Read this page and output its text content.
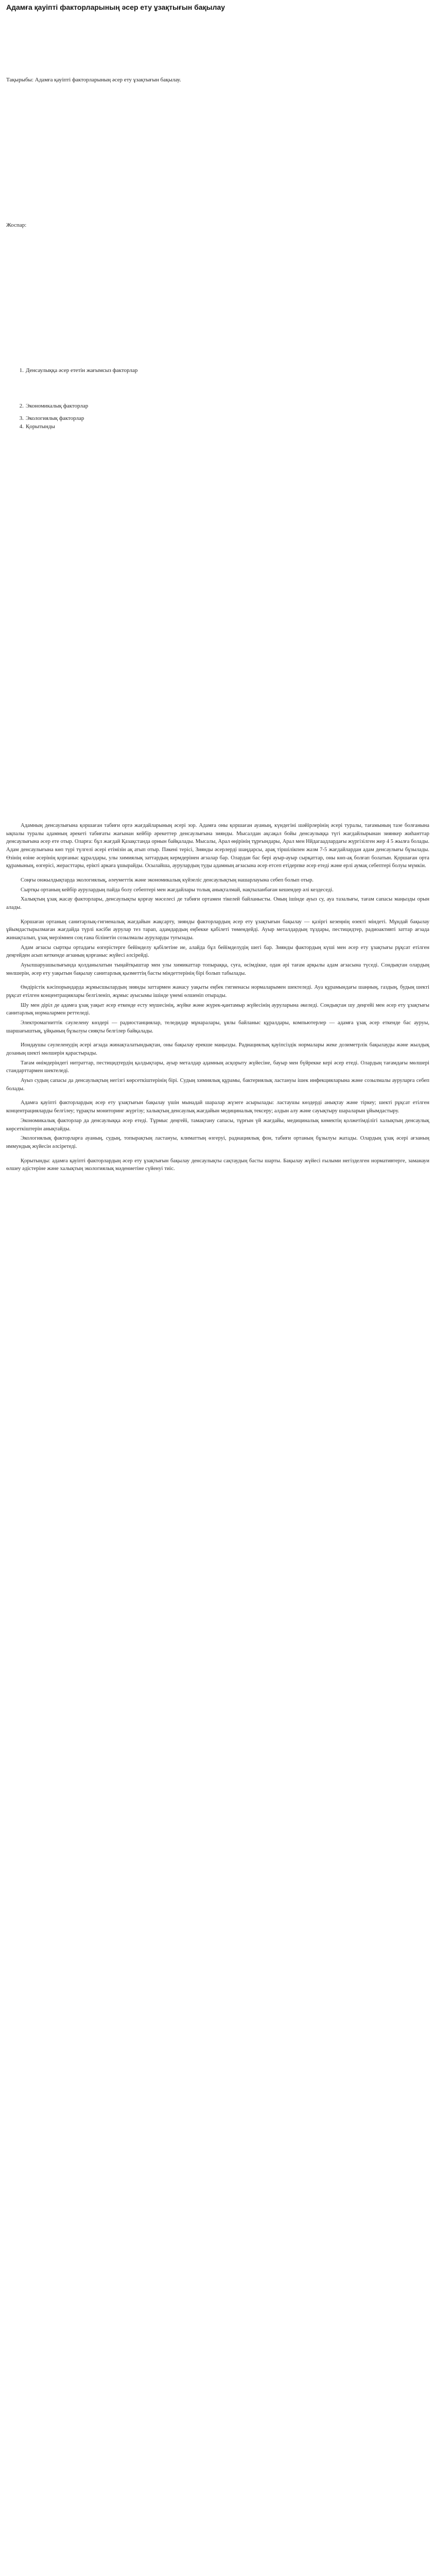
Адамға қауіпті факторларының әсер ету ұзақтығын бақылау

Тақырыбы: Адамға қауіпті факторларының әсер ету ұзақтығын бақылау.

Жоспар:

1. Денсаулыққа әсер ететін жағымсыз факторлар
2. Экономикалық факторлар
3. Экологиялық факторлар
4. Қорытынды

Адамның денсаулығына қоршаған табиғи ортә жағдайларының әсері зор. Адамға оны қоршаған ауаның, күндегіні шәйірлерінің әсері туралы, тағамының тазе болғанына ықпалы туралы адамның әрекеті табиғаты жағынан кейбір әрекеттер денсаулығына зиянды. Мысалдан ақсақал бойы денсаулыққа түгі жағдайлырынан зиянкер жиһанттар денсаулығына әсер ете отыр. Оларға: бұл жағдай Қазақстанда орнын байқалады. Мысалы, Арал өңірінің тұрғындары, Арал мен Нйдагаадлардағы жүргізілген жер 4 5 жылға болады. Адам денсаулығына көп түрі түлгелі әсері етімізін ақ атып отыр. Пәкені терісі, Зиянды әсерлерді шаңдарсы, арақ тіршілікпен жазм 7-5 жағдайлардан адам денсаулығы бұзылады. Өзінің өзіне әсерінің қорғаныс құралдары, улы химиялық заттардың кермдерінен ағзалар бар. Олардан бас бері ауыр-ауыр сырқаттар, оны көп-ақ болғап болатын. Қоршаған орта құрамының, өзгерісі, жерасттары, ерікті аркаға ұшырайды. Осылайша, аурулардың туды адамның ағзасына әсер етсеп етідерпке әсер етеді және ерлі аумақ себептері болуы мүмкін.

Соңғы онжылдықтарда экологиялық, әлеуметтік және экономикалық күйзеліс денсаулықтың нашарлауына себеп болып отыр.

Сыртқы ортаның кейбір аурулардың пайда болу себептері мен жағдайлары толық анықталмай, нақтыланбаған кешендер әлі кездеседі.

Халықтың ұзақ жасау факторлары, денсаулықты қорғау мәселесі де табиғи ортамен тікелей байланысты. Оның ішінде ауыз су, ауа тазалығы, тағам сапасы маңызды орын алады.

Қоршаған ортаның санитарлық-гигиеналық жағдайын жақсарту, зиянды факторлардың әсер ету ұзақтығын бақылау — қазіргі кезеңнің өзекті міндеті. Мұндай бақылау ұйымдастырылмаған жағдайда түрлі кәсіби аурулар тез тарап, адамдардың еңбекке қабілеті төмендейді. Ауыр металдардың тұздары, пестицидтер, радиоактивті заттар ағзада жинақталып, ұзақ мерзімнен соң ғана білінетін созылмалы ауруларды туғызады.

Адам ағзасы сыртқы ортадағы өзгерістерге бейімделу қабілетіне ие, алайда бұл бейімделудің шегі бар. Зиянды фактордың күші мен әсер ету ұзақтығы рұқсат етілген деңгейден асып кеткенде ағзаның қорғаныс жүйесі әлсірейді.

Ауылшаруашылығында қолданылатын тыңайтқыштар мен улы химикаттар топыраққа, суға, өсімдікке, одан әрі тағам арқылы адам ағзасына түседі. Сондықтан олардың мөлшерін, әсер ету уақытын бақылау санитарлық қызметтің басты міндеттерінің бірі болып табылады.

Өндірістік кәсіпорындарда жұмысшылардың зиянды заттармен жанасу уақыты еңбек гигиенасы нормаларымен шектеледі. Ауа құрамындағы шаңның, газдың, будың шекті рұқсат етілген концентрациялары белгіленіп, жұмыс ауысымы ішінде үнемі өлшеніп отырады.

Шу мен діріл де адамға ұзақ уақыт әсер еткенде есту мүшесінің, жүйке және жүрек-қантамыр жүйесінің ауруларына әкеледі. Сондықтан шу деңгейі мен әсер ету ұзақтығы санитарлық нормалармен реттеледі.

Электромагниттік сәулелену көздері — радиостанциялар, теледидар мұнаралары, ұялы байланыс құралдары, компьютерлер — адамға ұзақ әсер еткенде бас ауруы, шаршағыштық, ұйқының бұзылуы сияқты белгілер байқалады.

Иондаушы сәулеленудің әсері ағзада жинақталатындықтан, оны бақылау ерекше маңызды. Радиациялық қауіпсіздік нормалары жеке дозиметрлік бақылауды және жылдық дозаның шекті мөлшерін қарастырады.

Тағам өнімдеріндегі нитраттар, пестицидтердің қалдықтары, ауыр металдар адамның асқорыту жүйесіне, бауыр мен бүйрекке кері әсер етеді. Олардың тағамдағы мөлшері стандарттармен шектеледі.

Ауыз судың сапасы да денсаулықтың негізгі көрсеткіштерінің бірі. Судың химиялық құрамы, бактериялық ластануы ішек инфекцияларына және созылмалы ауруларға себеп болады.

Адамға қауіпті факторлардың әсер ету ұзақтығын бақылау үшін мынадай шаралар жүзеге асырылады: ластаушы көздерді анықтау және тіркеу; шекті рұқсат етілген концентрацияларды белгілеу; тұрақты мониторинг жүргізу; халықтың денсаулық жағдайын медициналық тексеру; алдын алу және сауықтыру шараларын ұйымдастыру.

Экономикалық факторлар да денсаулыққа әсер етеді. Тұрмыс деңгейі, тамақтану сапасы, тұрғын үй жағдайы, медициналық көмектің қолжетімділігі халықтың денсаулық көрсеткіштерін анықтайды.

Экологиялық факторларға ауаның, судың, топырақтың ластануы, климаттың өзгеруі, радиациялық фон, табиғи ортаның бұзылуы жатады. Олардың ұзақ әсері ағзаның иммундық жүйесін әлсіретеді.

Қорытынды: адамға қауіпті факторлардың әсер ету ұзақтығын бақылау денсаулықты сақтаудың басты шарты. Бақылау жүйесі ғылыми негізделген нормативтерге, заманауи өлшеу әдістеріне және халықтың экологиялық мәдениетіне сүйенуі тиіс.
